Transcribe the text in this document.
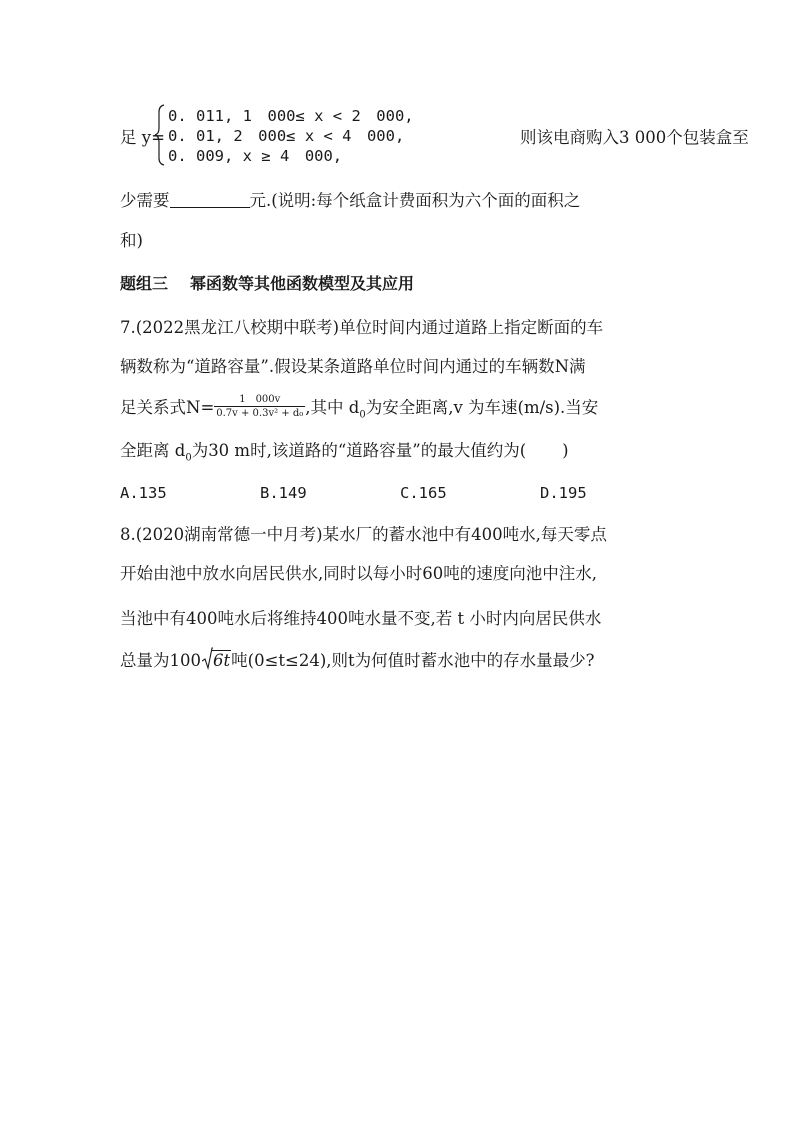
足 y=
0. 011, 1　000≤ x < 2　000,
0. 01, 2　000≤ x < 4　000,
0. 009, x ≥ 4　000,
则该电商购入3 000个包装盒至
少需要	元.(说明:每个纸盒计费面积为六个面的面积之
和)
题组三 幂函数等其他函数模型及其应用
7.(2022黑龙江八校期中联考)单位时间内通过道路上指定断面的车
辆数称为“道路容量”.假设某条道路单位时间内通过的车辆数N满
足关系式$N= \frac{1 000v}{\text{0.7v + 0.3v² + d₀}}$ ,其中 $d_0$为安全距离,v 为车速(m/s).当安
全距离 $d_0$为30 m时,该道路的“道路容量”的最大值约为( )
A.135	B.149	C.165	D.195
8.(2020湖南常德一中月考)某水厂的蓄水池中有400吨水,每天零点
开始由池中放水向居民供水,同时以每小时60吨的速度向池中注水,
当池中有400吨水后将维持400吨水量不变,若 t 小时内向居民供水
总量为100 6t吨(0≤t≤24),则t为何值时蓄水池中的存水量最少?
